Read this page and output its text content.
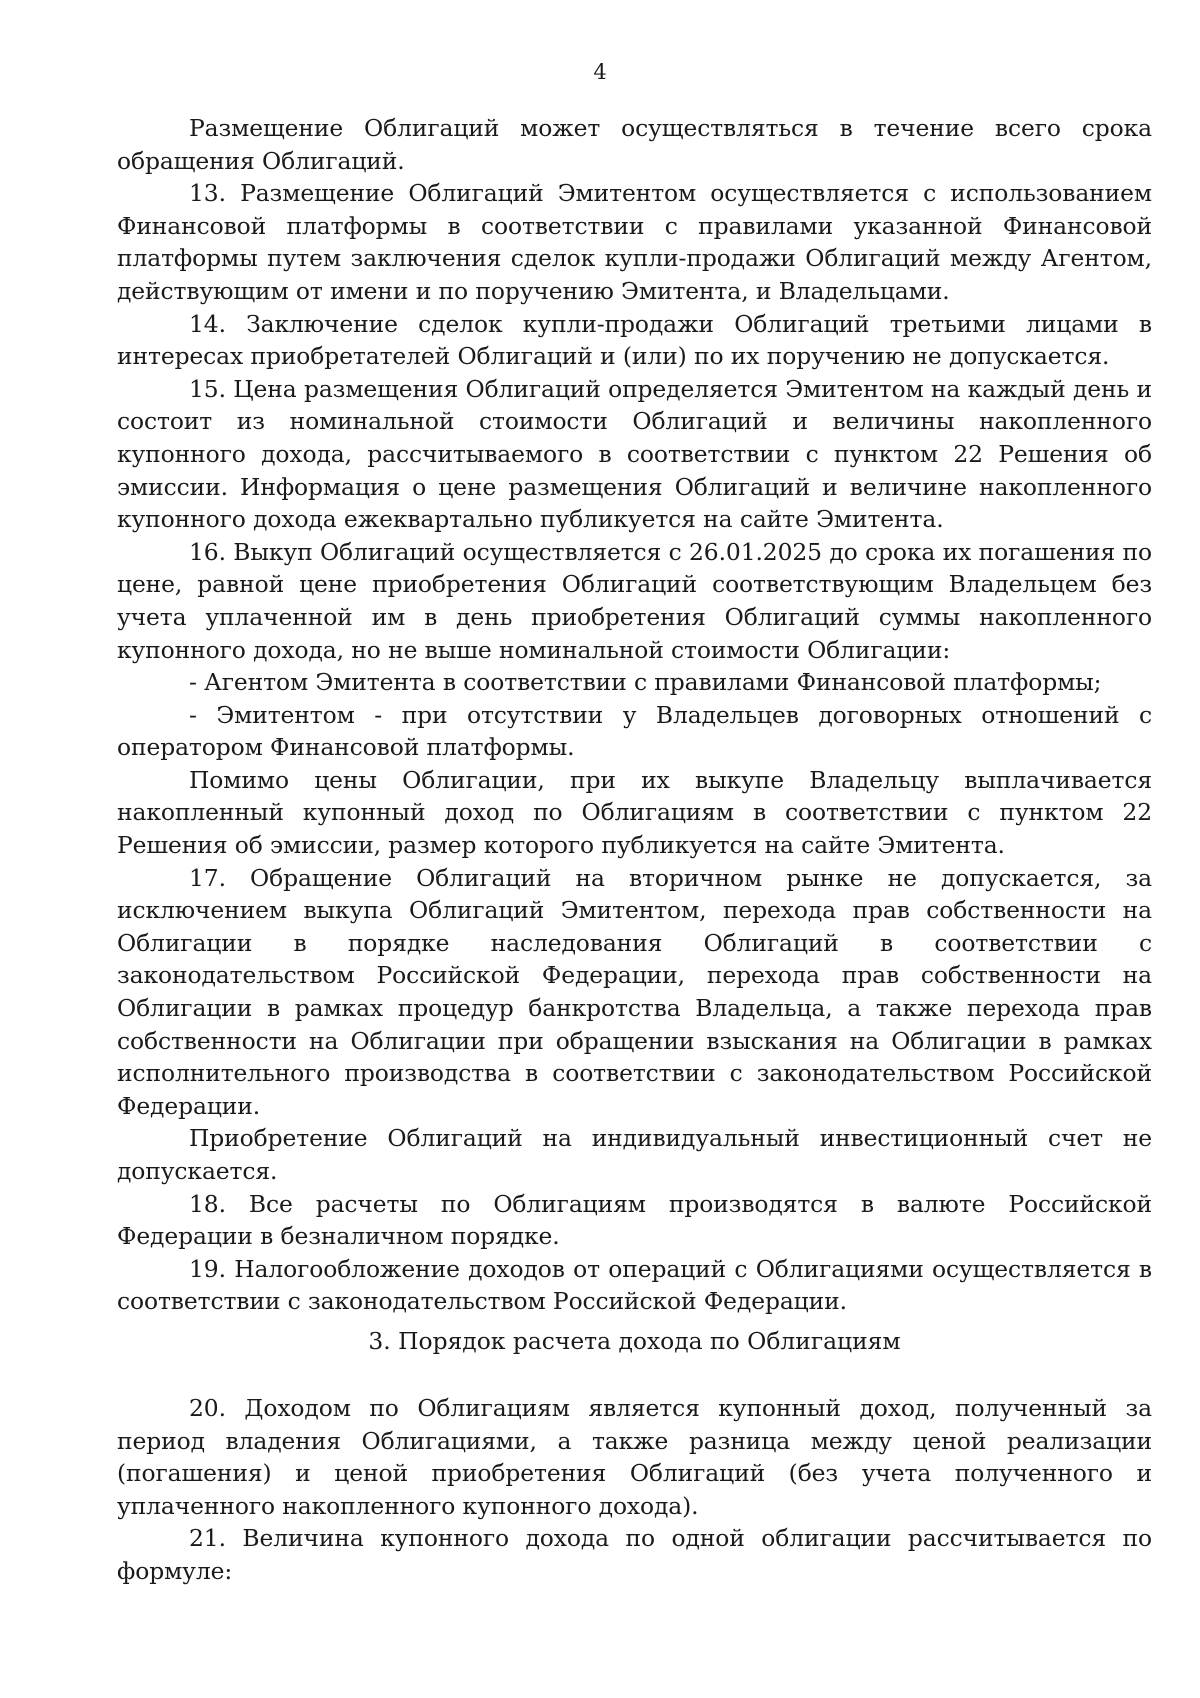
4

Размещение Облигаций может осуществляться в течение всего срока обращения Облигаций.

13. Размещение Облигаций Эмитентом осуществляется с использованием Финансовой платформы в соответствии с правилами указанной Финансовой платформы путем заключения сделок купли-продажи Облигаций между Агентом, действующим от имени и по поручению Эмитента, и Владельцами.

14. Заключение сделок купли-продажи Облигаций третьими лицами в интересах приобретателей Облигаций и (или) по их поручению не допускается.

15. Цена размещения Облигаций определяется Эмитентом на каждый день и состоит из номинальной стоимости Облигаций и величины накопленного купонного дохода, рассчитываемого в соответствии с пунктом 22 Решения об эмиссии. Информация о цене размещения Облигаций и величине накопленного купонного дохода ежеквартально публикуется на сайте Эмитента.

16. Выкуп Облигаций осуществляется с 26.01.2025 до срока их погашения по цене, равной цене приобретения Облигаций соответствующим Владельцем без учета уплаченной им в день приобретения Облигаций суммы накопленного купонного дохода, но не выше номинальной стоимости Облигации:

- Агентом Эмитента в соответствии с правилами Финансовой платформы;

- Эмитентом - при отсутствии у Владельцев договорных отношений с оператором Финансовой платформы.

Помимо цены Облигации, при их выкупе Владельцу выплачивается накопленный купонный доход по Облигациям в соответствии с пунктом 22 Решения об эмиссии, размер которого публикуется на сайте Эмитента.

17. Обращение Облигаций на вторичном рынке не допускается, за исключением выкупа Облигаций Эмитентом, перехода прав собственности на Облигации в порядке наследования Облигаций в соответствии с законодательством Российской Федерации, перехода прав собственности на Облигации в рамках процедур банкротства Владельца, а также перехода прав собственности на Облигации при обращении взыскания на Облигации в рамках исполнительного производства в соответствии с законодательством Российской Федерации.

Приобретение Облигаций на индивидуальный инвестиционный счет не допускается.

18. Все расчеты по Облигациям производятся в валюте Российской Федерации в безналичном порядке.

19. Налогообложение доходов от операций с Облигациями осуществляется в соответствии с законодательством Российской Федерации.

3. Порядок расчета дохода по Облигациям

20. Доходом по Облигациям является купонный доход, полученный за период владения Облигациями, а также разница между ценой реализации (погашения) и ценой приобретения Облигаций (без учета полученного и уплаченного накопленного купонного дохода).

21. Величина купонного дохода по одной облигации рассчитывается по формуле:
